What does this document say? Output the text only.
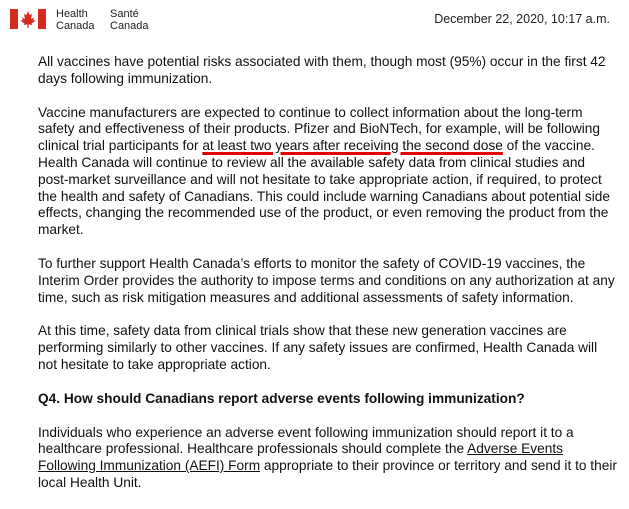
Health
Canada
Santé
Canada	December 22, 2020, 10:17 a.m.

All vaccines have potential risks associated with them, though most (95%) occur in the first 42 days following immunization.

Vaccine manufacturers are expected to continue to collect information about the long-term safety and effectiveness of their products. Pfizer and BioNTech, for example, will be following clinical trial participants for at least two years after receiving the second dose of the vaccine. Health Canada will continue to review all the available safety data from clinical studies and post-market surveillance and will not hesitate to take appropriate action, if required, to protect the health and safety of Canadians. This could include warning Canadians about potential side effects, changing the recommended use of the product, or even removing the product from the market.

To further support Health Canada’s efforts to monitor the safety of COVID-19 vaccines, the Interim Order provides the authority to impose terms and conditions on any authorization at any time, such as risk mitigation measures and additional assessments of safety information.

At this time, safety data from clinical trials show that these new generation vaccines are performing similarly to other vaccines. If any safety issues are confirmed, Health Canada will not hesitate to take appropriate action.

Q4. How should Canadians report adverse events following immunization?

Individuals who experience an adverse event following immunization should report it to a healthcare professional. Healthcare professionals should complete the Adverse Events Following Immunization (AEFI) Form appropriate to their province or territory and send it to their local Health Unit.
